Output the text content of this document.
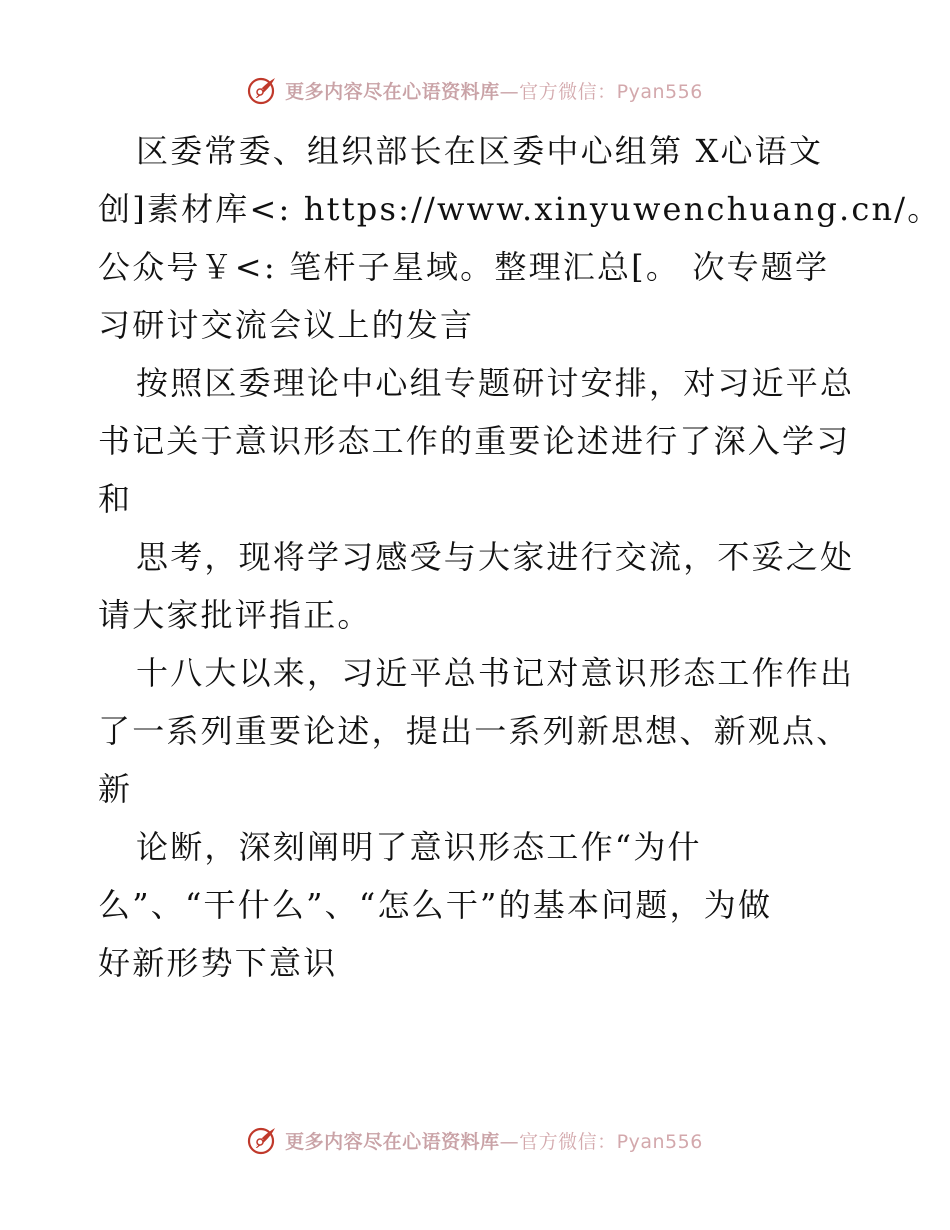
更多内容尽在心语资料库—官方微信：Pyan556

区委常委、组织部长在区委中心组第 X心语文

创]素材库<: https://www.xinyuwenchuang.cn/。

公众号￥<: 笔杆子星域。整理汇总[。 次专题学

习研讨交流会议上的发言

按照区委理论中心组专题研讨安排，对习近平总

书记关于意识形态工作的重要论述进行了深入学习

和

思考，现将学习感受与大家进行交流，不妥之处

请大家批评指正。

十八大以来，习近平总书记对意识形态工作作出

了一系列重要论述，提出一系列新思想、新观点、

新

论断，深刻阐明了意识形态工作“为什

么”、“干什么”、“怎么干”的基本问题，为做

好新形势下意识

更多内容尽在心语资料库—官方微信：Pyan556
